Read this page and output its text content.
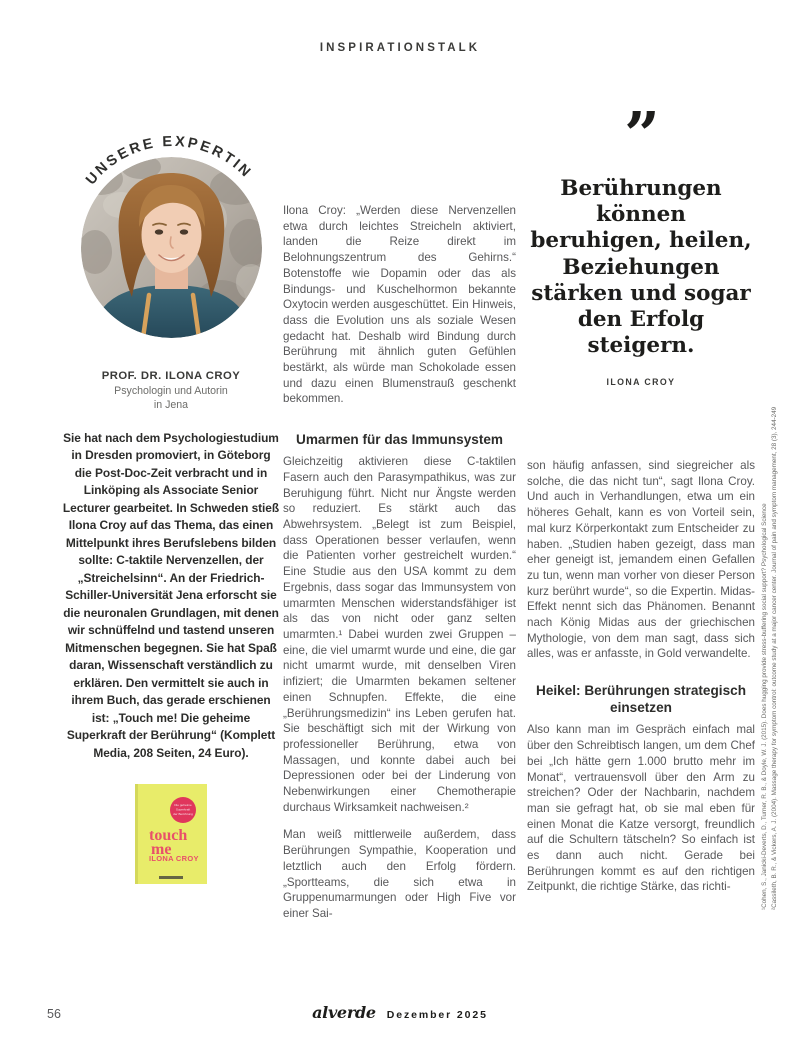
INSPIRATIONSTALK
UNSERE EXPERTIN
PROF. DR. ILONA CROY
Psychologin und Autorin
in Jena
Sie hat nach dem Psychologiestudium in Dresden promoviert, in Göteborg die Post-Doc-Zeit verbracht und in Linköping als Associate Senior Lecturer gearbeitet. In Schweden stieß Ilona Croy auf das Thema, das einen Mittelpunkt ihres Berufslebens bilden sollte: C-taktile Nervenzellen, der „Streichelsinn“. An der Friedrich-Schiller-Universität Jena erforscht sie die neuronalen Grundlagen, mit denen wir schnüffelnd und tastend unseren Mitmenschen begegnen. Sie hat Spaß daran, Wissenschaft verständlich zu erklären. Den vermittelt sie auch in ihrem Buch, das gerade erschienen ist: „Touch me! Die geheime Superkraft der Berührung“ (Komplett Media, 208 Seiten, 24 Euro).
Die geheime
Superkraft
der Berührung
touch
me
ILONA CROY
”
Berührungen können beruhigen, heilen, Beziehungen stärken und sogar den Erfolg steigern.
ILONA CROY

Ilona Croy: „Werden diese Nervenzellen etwa durch leichtes Streicheln aktiviert, landen die Reize direkt im Belohnungszentrum des Gehirns.“ Botenstoffe wie Dopamin oder das als Bindungs- und Kuschelhormon bekannte Oxytocin werden ausgeschüttet. Ein Hinweis, dass die Evolution uns als soziale Wesen gedacht hat. Deshalb wird Bindung durch Berührung mit ähnlich guten Gefühlen bestärkt, als würde man Schokolade essen und dazu einen Blumenstrauß geschenkt bekommen.

Umarmen für das Immunsystem

Gleichzeitig aktivieren diese C-taktilen Fasern auch den Parasympathikus, was zur Beruhigung führt. Nicht nur Ängste werden so reduziert. Es stärkt auch das Abwehrsystem. „Belegt ist zum Beispiel, dass Operationen besser verlaufen, wenn die Patienten vorher gestreichelt wurden.“ Eine Studie aus den USA kommt zu dem Ergebnis, dass sogar das Immunsystem von umarmten Menschen widerstandsfähiger ist als das von nicht oder ganz selten umarmten.¹ Dabei wurden zwei Gruppen – eine, die viel umarmt wurde und eine, die gar nicht umarmt wurde, mit denselben Viren infiziert; die Umarmten bekamen seltener einen Schnupfen. Effekte, die eine „Berührungsmedizin“ ins Leben gerufen hat. Sie beschäftigt sich mit der Wirkung von professioneller Berührung, etwa von Massagen, und konnte dabei auch bei Depressionen oder bei der Linderung von Nebenwirkungen einer Chemotherapie durchaus Wirksamkeit nachweisen.²

Man weiß mittlerweile außerdem, dass Berührungen Sympathie, Kooperation und letztlich auch den Erfolg fördern. „Sportteams, die sich etwa in Gruppenumarmungen oder High Five vor einer Sai-

son häufig anfassen, sind siegreicher als solche, die das nicht tun“, sagt Ilona Croy. Und auch in Verhandlungen, etwa um ein höheres Gehalt, kann es von Vorteil sein, mal kurz Körperkontakt zum Entscheider zu haben. „Studien haben gezeigt, dass man eher geneigt ist, jemandem einen Gefallen zu tun, wenn man vorher von dieser Person kurz berührt wurde“, so die Expertin. Midas-Effekt nennt sich das Phänomen. Benannt nach König Midas aus der griechischen Mythologie, von dem man sagt, dass sich alles, was er anfasste, in Gold verwandelte.

Heikel: Berührungen strategisch einsetzen

Also kann man im Gespräch einfach mal über den Schreibtisch langen, um dem Chef bei „Ich hätte gern 1.000 brutto mehr im Monat“, vertrauensvoll über den Arm zu streichen? Oder der Nachbarin, nachdem man sie gefragt hat, ob sie mal eben für einen Monat die Katze versorgt, freundlich auf die Schultern tätscheln? So einfach ist es dann auch nicht. Gerade bei Berührungen kommt es auf den richtigen Zeitpunkt, die richtige Stärke, das richti-	¹Cohen, S., Janicki-Deverts, D., Turner, R. B., & Doyle, W. J. (2015). Does hugging provide stress-buffering social support? Psychological Science ²Cassileth, B. R., & Vickers, A. J. (2004). Massage therapy for symptom control: outcome study at a major cancer center. Journal of pain and symptom management, 28 (3), 244-249
56	alverde Dezember 2025
